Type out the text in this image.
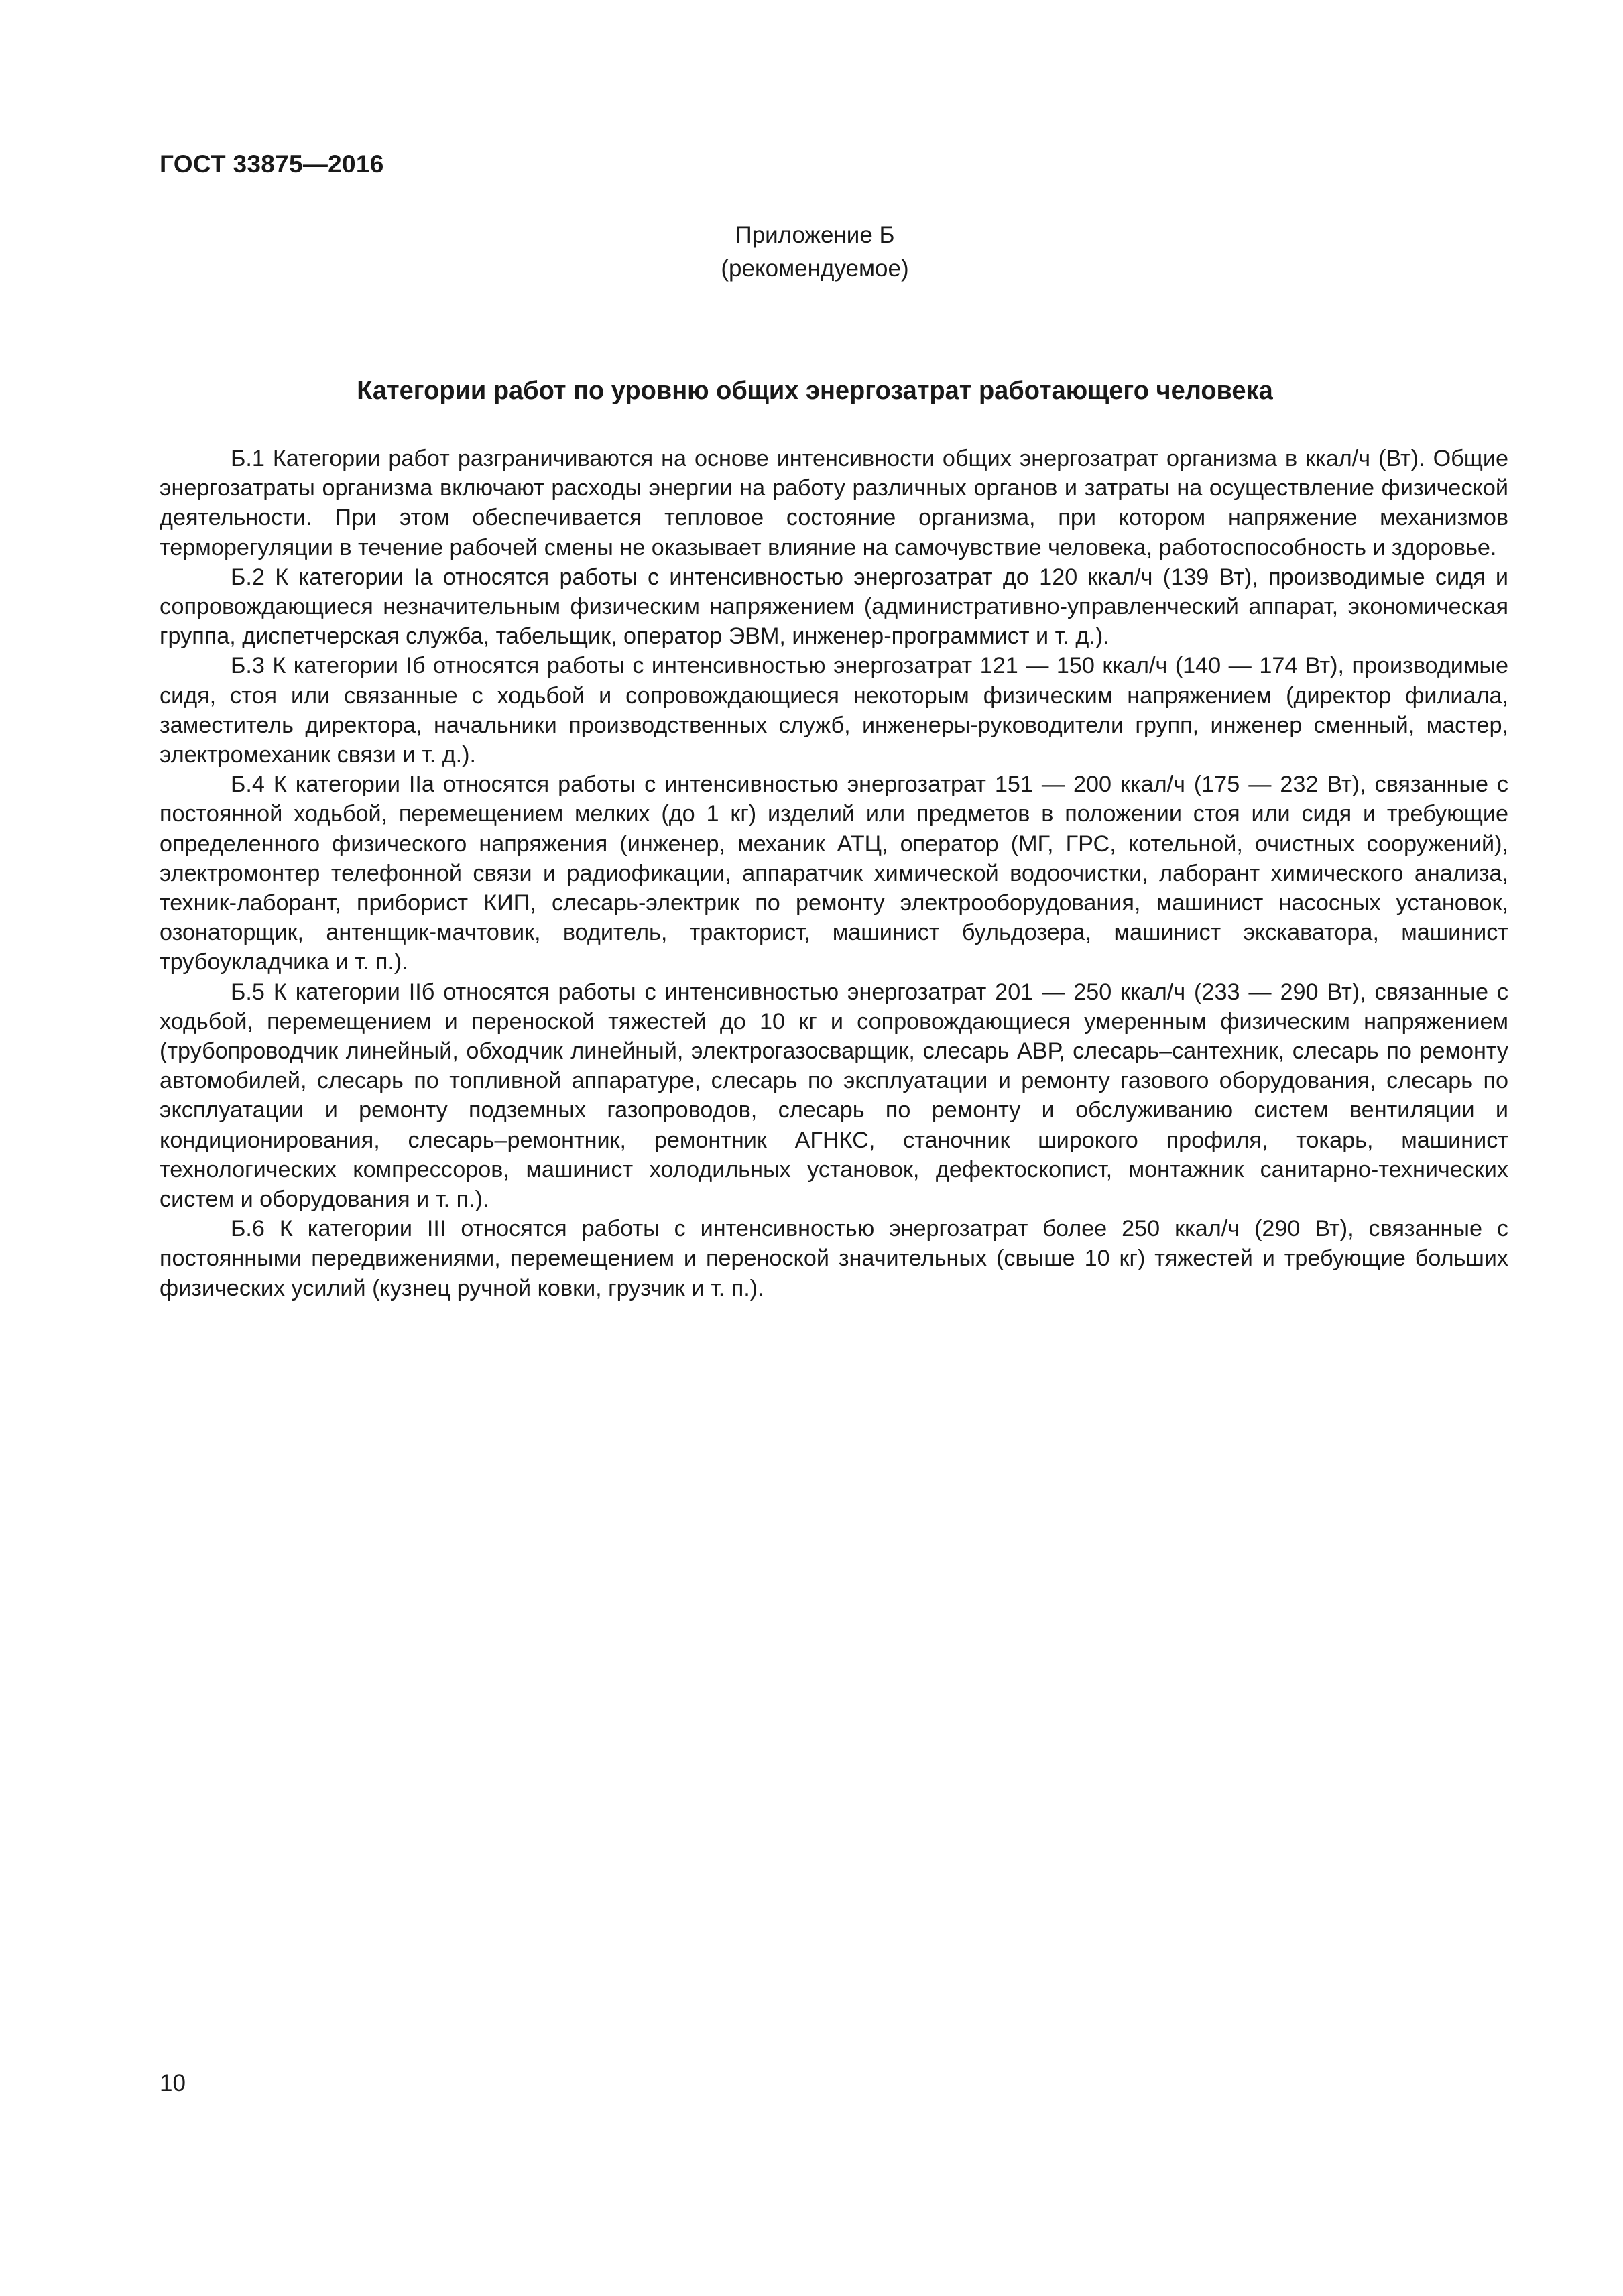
ГОСТ 33875—2016
Приложение Б
(рекомендуемое)
Категории работ по уровню общих энергозатрат работающего человека

Б.1 Категории работ разграничиваются на основе интенсивности общих энергозатрат организма в ккал/ч (Вт). Общие энергозатраты организма включают расходы энергии на работу различных органов и затраты на осуществление физической деятельности. При этом обеспечивается тепловое состояние организма, при котором напряжение механизмов терморегуляции в течение рабочей смены не оказывает влияние на самочувствие человека, работоспособность и здоровье.

Б.2 К категории Iа относятся работы с интенсивностью энергозатрат до 120 ккал/ч (139 Вт), производимые сидя и сопровождающиеся незначительным физическим напряжением (административно-управленческий аппарат, экономическая группа, диспетчерская служба, табельщик, оператор ЭВМ, инженер-программист и т. д.).

Б.3 К категории Iб относятся работы с интенсивностью энергозатрат 121 — 150 ккал/ч (140 — 174 Вт), производимые сидя, стоя или связанные с ходьбой и сопровождающиеся некоторым физическим напряжением (директор филиала, заместитель директора, начальники производственных служб, инженеры-руководители групп, инженер сменный, мастер, электромеханик связи и т. д.).

Б.4 К категории IIа относятся работы с интенсивностью энергозатрат 151 — 200 ккал/ч (175 — 232 Вт), связанные с постоянной ходьбой, перемещением мелких (до 1 кг) изделий или предметов в положении стоя или сидя и требующие определенного физического напряжения (инженер, механик АТЦ, оператор (МГ, ГРС, котельной, очистных сооружений), электромонтер телефонной связи и радиофикации, аппаратчик химической водоочистки, лаборант химического анализа, техник-лаборант, приборист КИП, слесарь-электрик по ремонту электрооборудования, машинист насосных установок, озонаторщик, антенщик-мачтовик, водитель, тракторист, машинист бульдозера, машинист экскаватора, машинист трубоукладчика и т. п.).

Б.5 К категории IIб относятся работы с интенсивностью энергозатрат 201 — 250 ккал/ч (233 — 290 Вт), связанные с ходьбой, перемещением и переноской тяжестей до 10 кг и сопровождающиеся умеренным физическим напряжением (трубопроводчик линейный, обходчик линейный, электрогазосварщик, слесарь АВР, слесарь–сантехник, слесарь по ремонту автомобилей, слесарь по топливной аппаратуре, слесарь по эксплуатации и ремонту газового оборудования, слесарь по эксплуатации и ремонту подземных газопроводов, слесарь по ремонту и обслуживанию систем вентиляции и кондиционирования, слесарь–ремонтник, ремонтник АГНКС, станочник широкого профиля, токарь, машинист технологических компрессоров, машинист холодильных установок, дефектоскопист, монтажник санитарно-технических систем и оборудования и т. п.).

Б.6 К категории III относятся работы с интенсивностью энергозатрат более 250 ккал/ч (290 Вт), связанные с постоянными передвижениями, перемещением и переноской значительных (свыше 10 кг) тяжестей и требующие больших физических усилий (кузнец ручной ковки, грузчик и т. п.).

10
